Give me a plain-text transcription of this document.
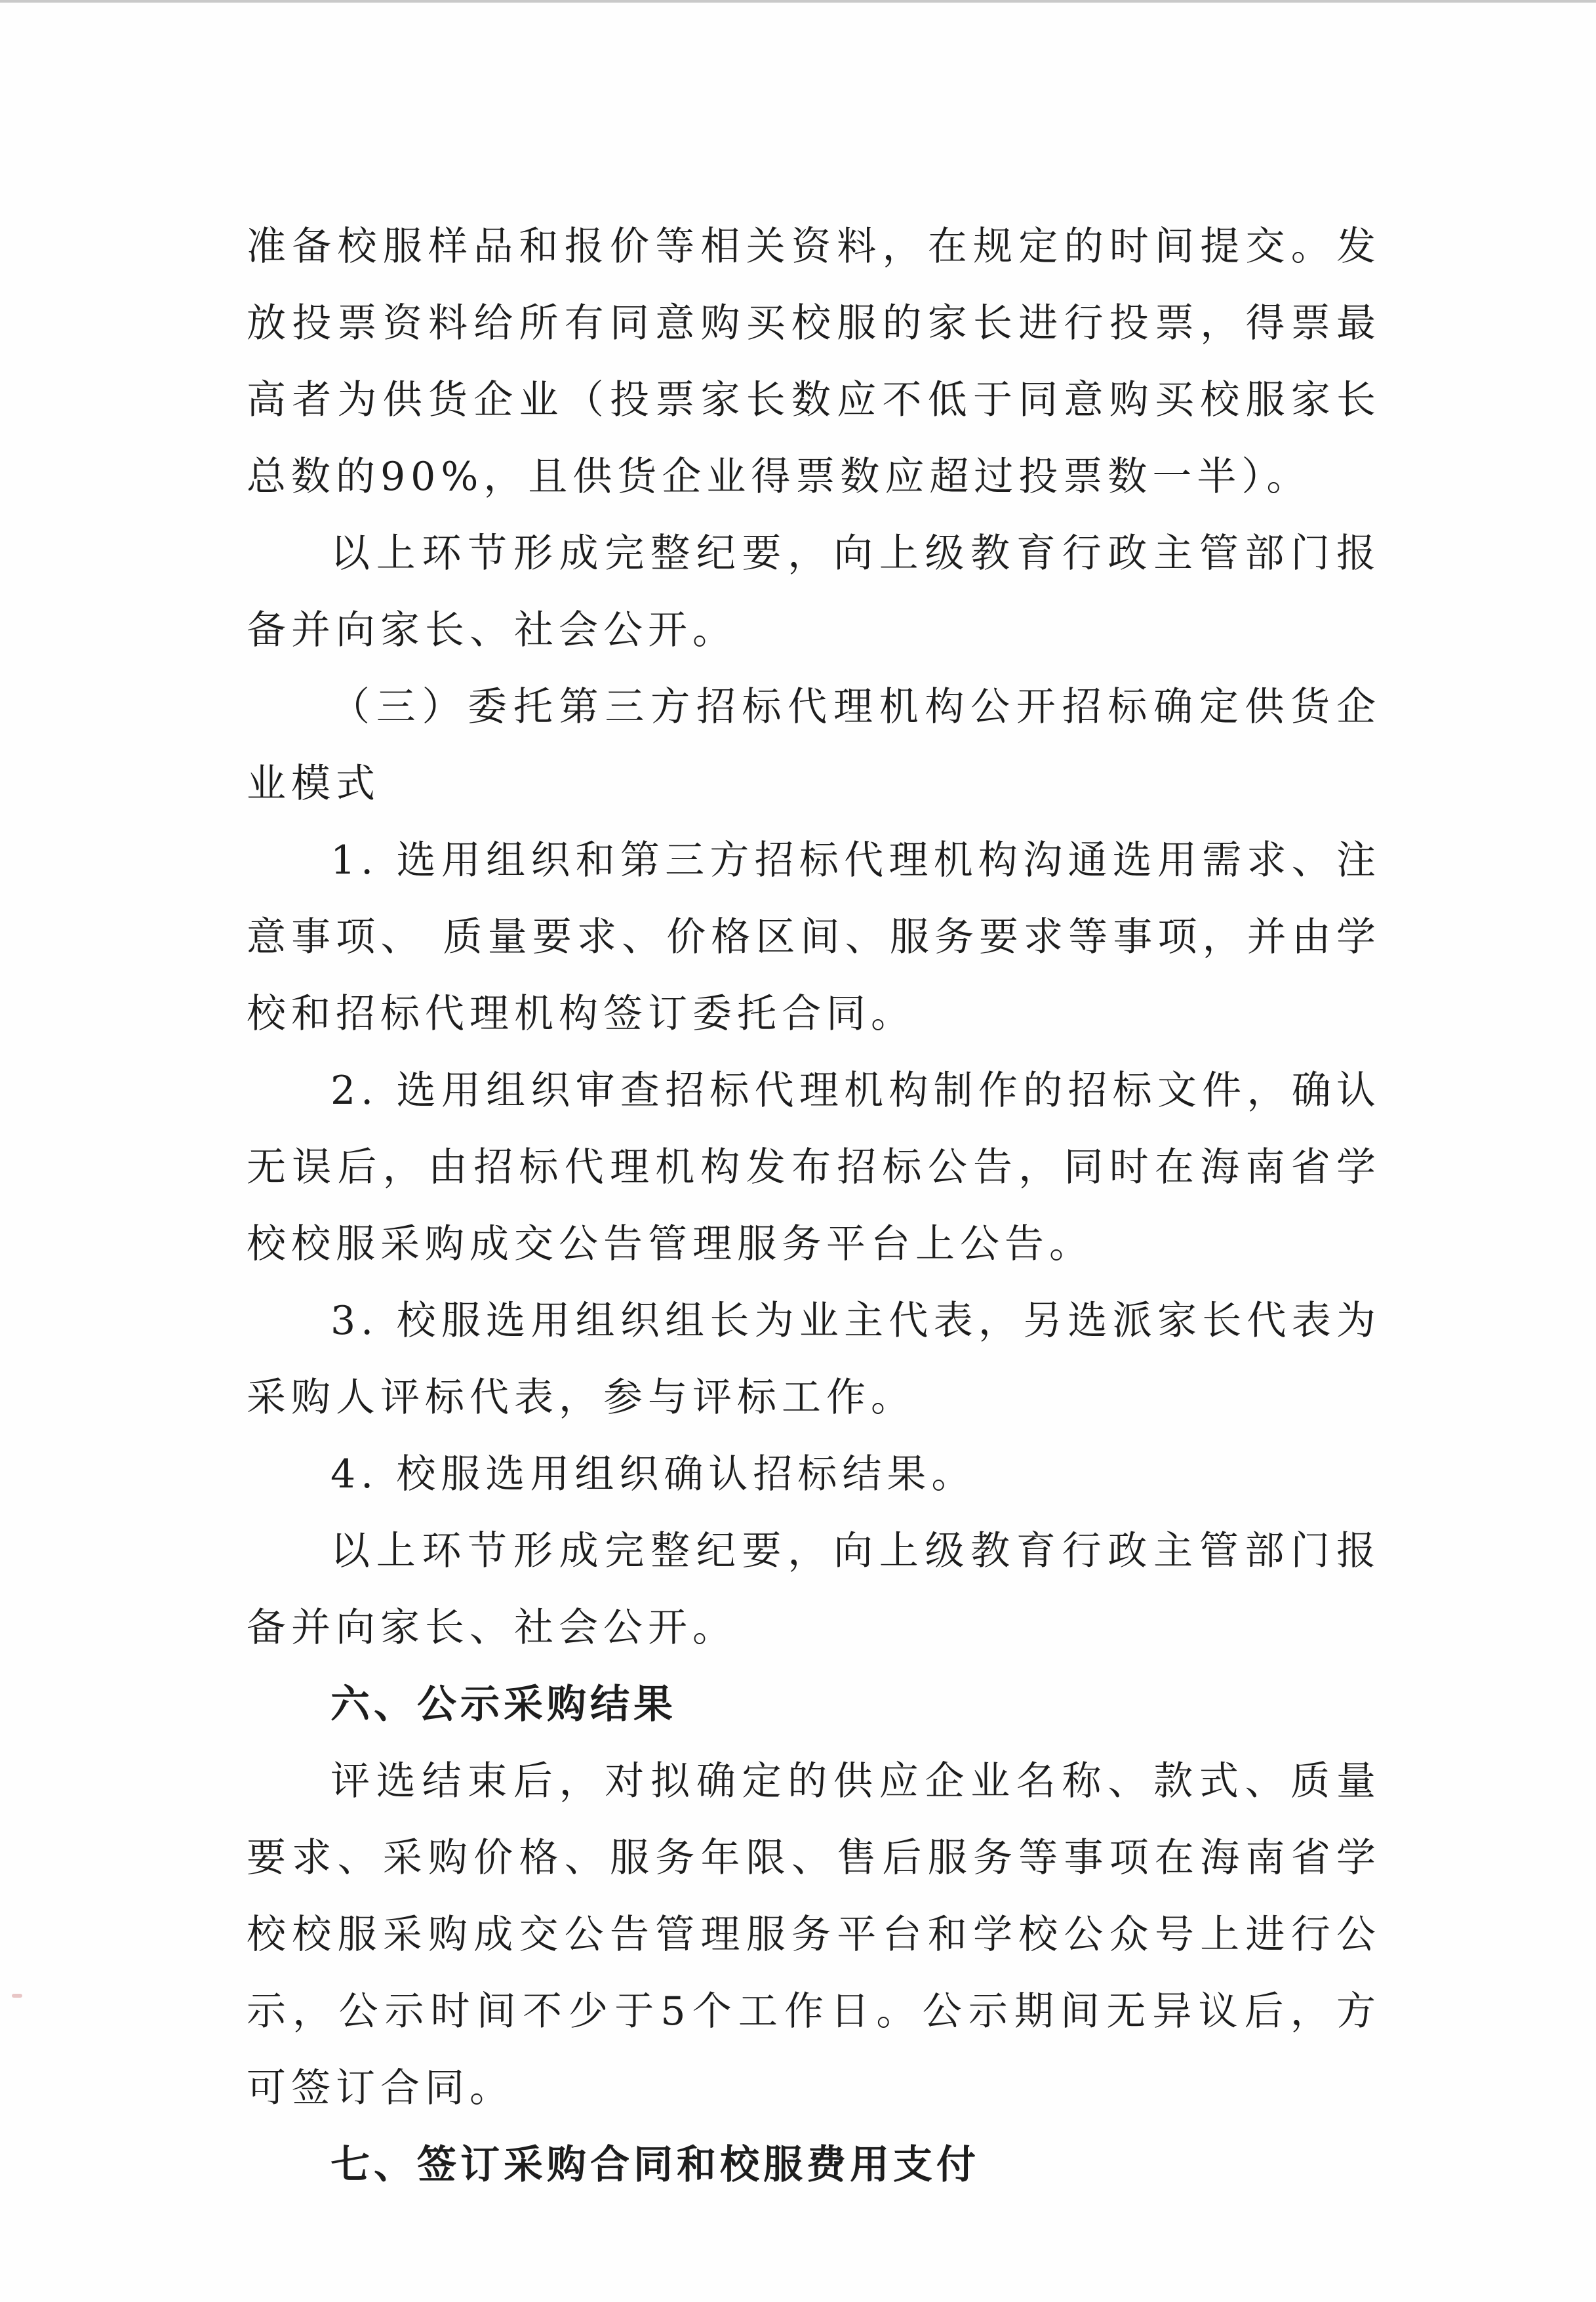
准备校服样品和报价等相关资料，在规定的时间提交。发放投票资料给所有同意购买校服的家长进行投票，得票最高者为供货企业（投票家长数应不低于同意购买校服家长总数的90%，且供货企业得票数应超过投票数一半）。

以上环节形成完整纪要，向上级教育行政主管部门报备并向家长、社会公开。

（三）委托第三方招标代理机构公开招标确定供货企业模式

1. 选用组织和第三方招标代理机构沟通选用需求、注意事项、 质量要求、价格区间、服务要求等事项，并由学校和招标代理机构签订委托合同。

2. 选用组织审查招标代理机构制作的招标文件，确认无误后，由招标代理机构发布招标公告，同时在海南省学校校服采购成交公告管理服务平台上公告。

3. 校服选用组织组长为业主代表，另选派家长代表为采购人评标代表，参与评标工作。

4. 校服选用组织确认招标结果。

以上环节形成完整纪要，向上级教育行政主管部门报备并向家长、社会公开。

六、公示采购结果

评选结束后，对拟确定的供应企业名称、款式、质量要求、采购价格、服务年限、售后服务等事项在海南省学校校服采购成交公告管理服务平台和学校公众号上进行公示，公示时间不少于5个工作日。公示期间无异议后，方可签订合同。

七、签订采购合同和校服费用支付
